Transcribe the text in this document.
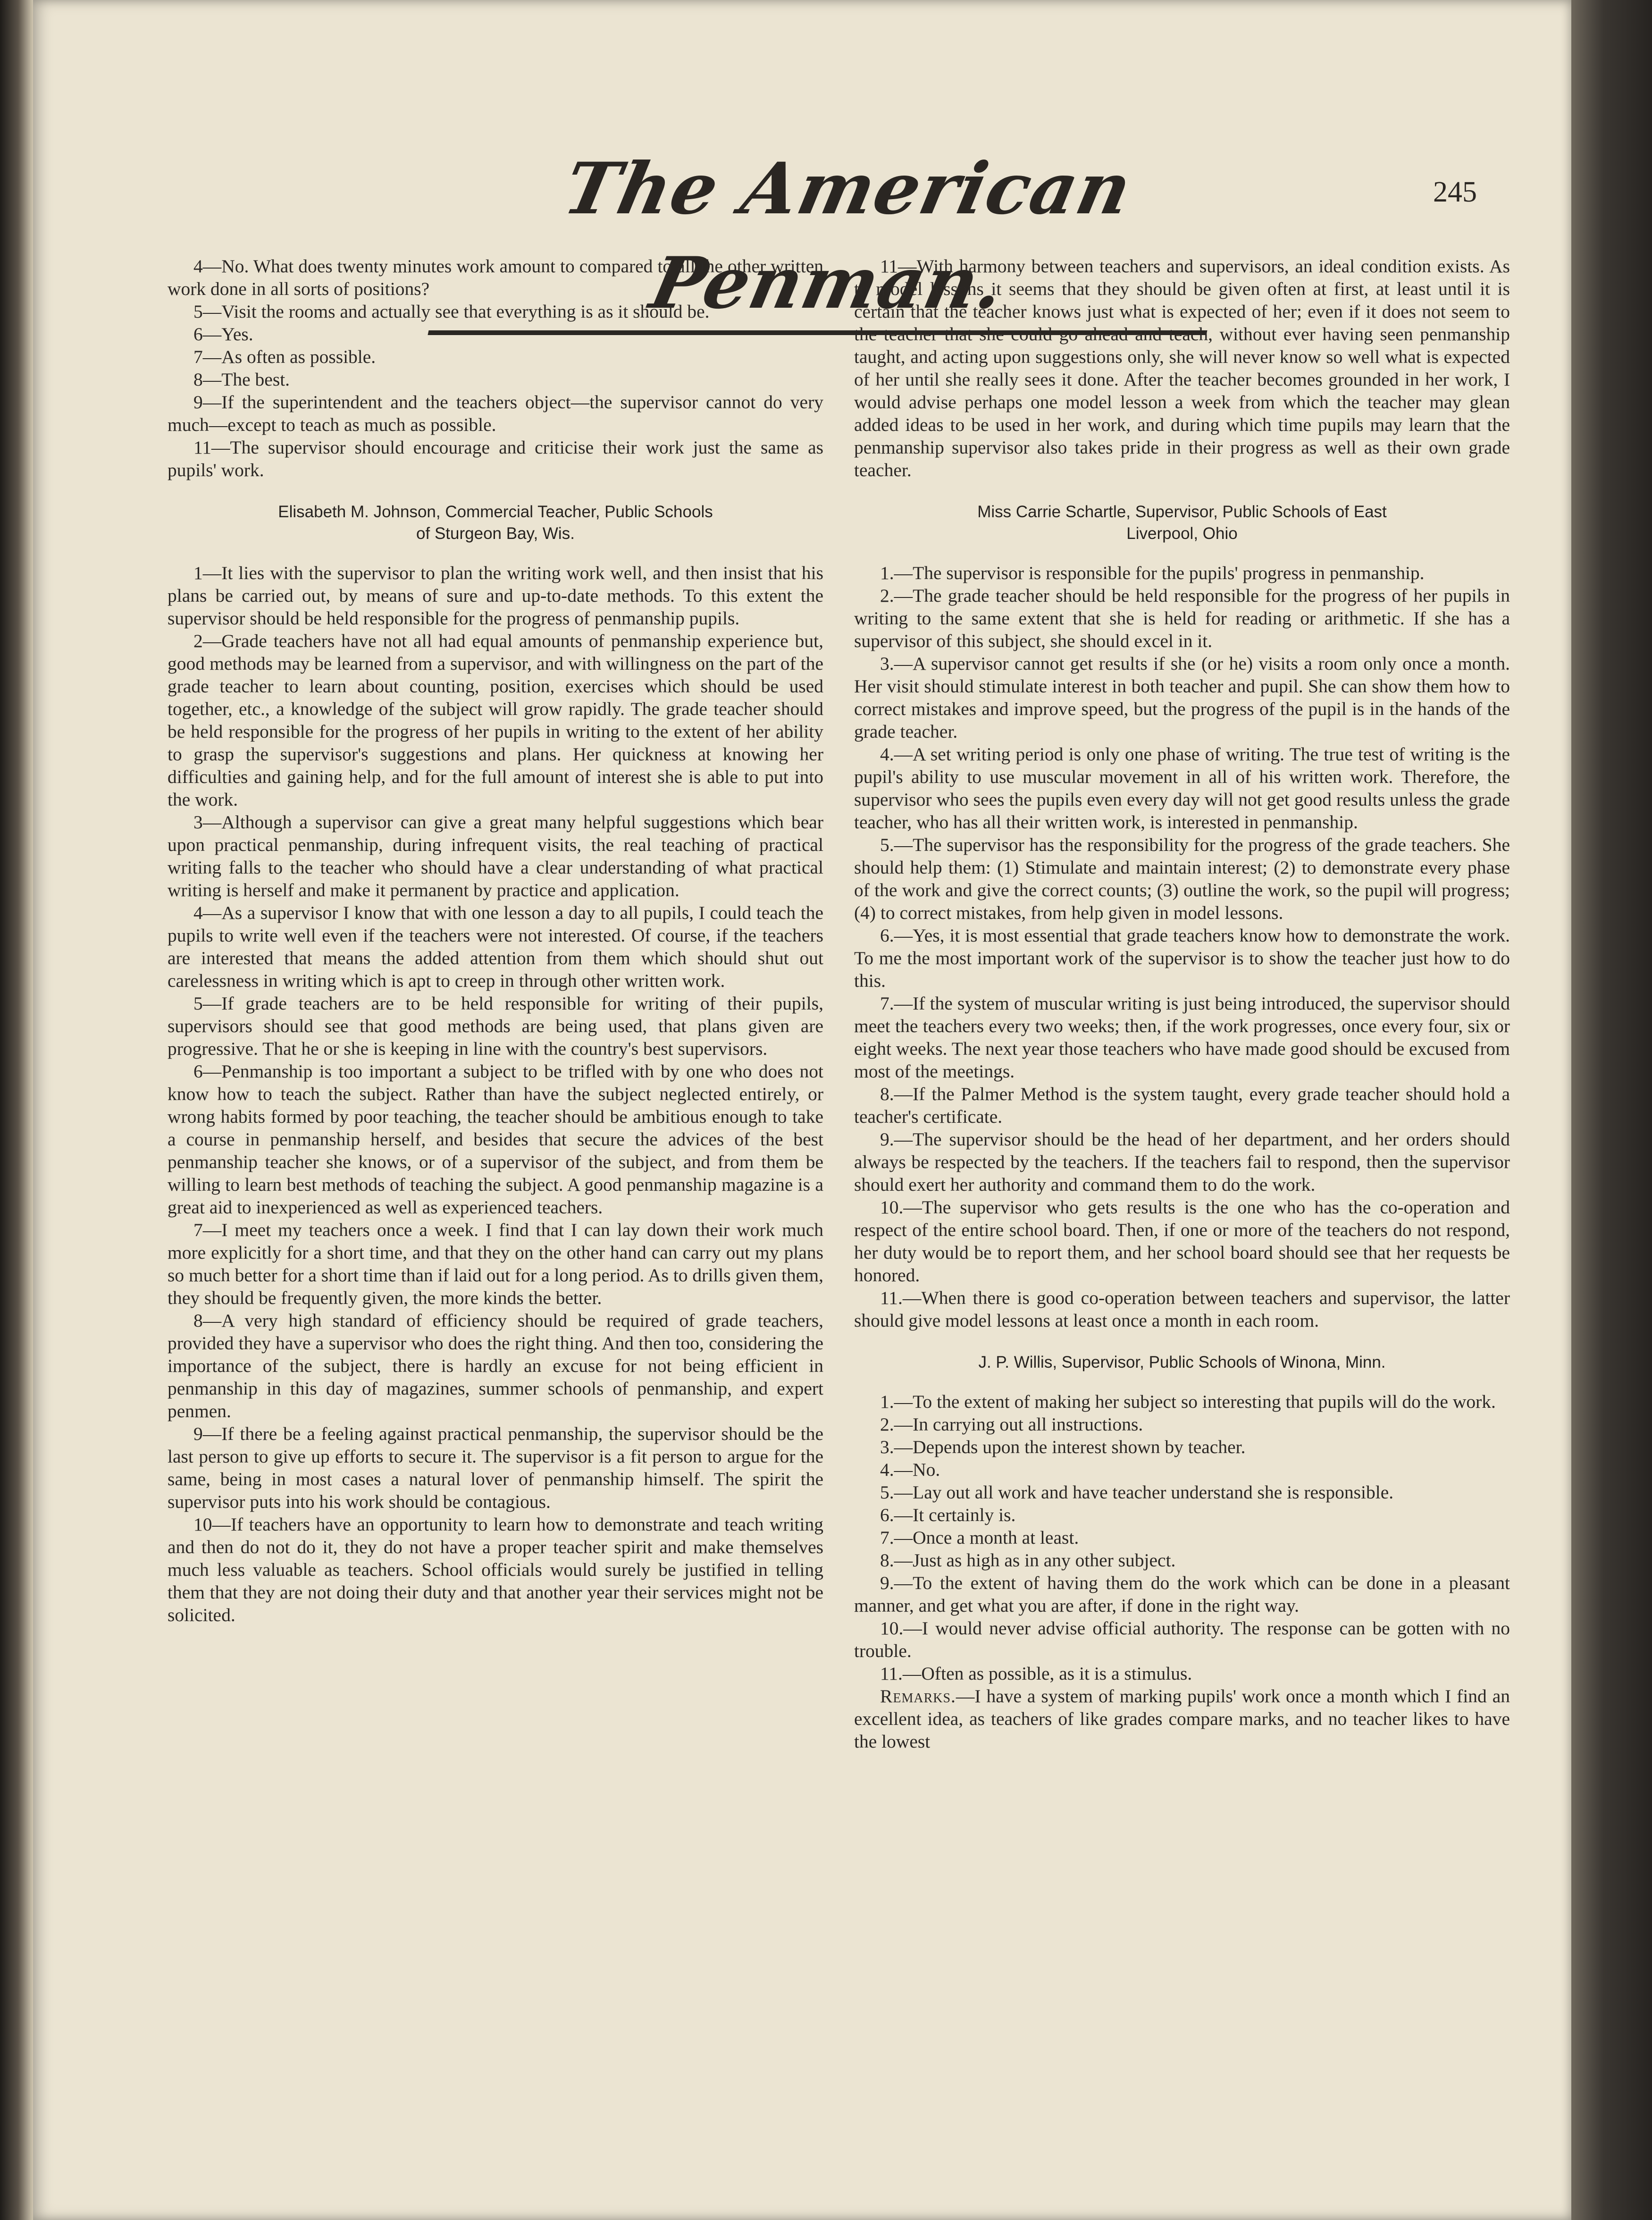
The American Penman.
245

4—No. What does twenty minutes work amount to compared to all the other written work done in all sorts of positions?

5—Visit the rooms and actually see that everything is as it should be.

6—Yes.

7—As often as possible.

8—The best.

9—If the superintendent and the teachers object—the supervisor cannot do very much—except to teach as much as possible.

11—The supervisor should encourage and criticise their work just the same as pupils' work.

Elisabeth M. Johnson, Commercial Teacher, Public Schools
of Sturgeon Bay, Wis.

1—It lies with the supervisor to plan the writing work well, and then insist that his plans be carried out, by means of sure and up-to-date methods. To this extent the supervisor should be held responsible for the progress of penmanship pupils.

2—Grade teachers have not all had equal amounts of penmanship experience but, good methods may be learned from a supervisor, and with willingness on the part of the grade teacher to learn about counting, position, exercises which should be used together, etc., a knowledge of the subject will grow rapidly. The grade teacher should be held responsible for the progress of her pupils in writing to the extent of her ability to grasp the supervisor's suggestions and plans. Her quickness at knowing her difficulties and gaining help, and for the full amount of interest she is able to put into the work.

3—Although a supervisor can give a great many helpful suggestions which bear upon practical penmanship, during infrequent visits, the real teaching of practical writing falls to the teacher who should have a clear understanding of what practical writing is herself and make it permanent by practice and application.

4—As a supervisor I know that with one lesson a day to all pupils, I could teach the pupils to write well even if the teachers were not interested. Of course, if the teachers are interested that means the added attention from them which should shut out carelessness in writing which is apt to creep in through other written work.

5—If grade teachers are to be held responsible for writing of their pupils, supervisors should see that good methods are being used, that plans given are progressive. That he or she is keeping in line with the country's best supervisors.

6—Penmanship is too important a subject to be trifled with by one who does not know how to teach the subject. Rather than have the subject neglected entirely, or wrong habits formed by poor teaching, the teacher should be ambitious enough to take a course in penmanship herself, and besides that secure the advices of the best penmanship teacher she knows, or of a supervisor of the subject, and from them be willing to learn best methods of teaching the subject. A good penmanship magazine is a great aid to inexperienced as well as experienced teachers.

7—I meet my teachers once a week. I find that I can lay down their work much more explicitly for a short time, and that they on the other hand can carry out my plans so much better for a short time than if laid out for a long period. As to drills given them, they should be frequently given, the more kinds the better.

8—A very high standard of efficiency should be required of grade teachers, provided they have a supervisor who does the right thing. And then too, considering the importance of the subject, there is hardly an excuse for not being efficient in penmanship in this day of magazines, summer schools of penmanship, and expert penmen.

9—If there be a feeling against practical penmanship, the supervisor should be the last person to give up efforts to secure it. The supervisor is a fit person to argue for the same, being in most cases a natural lover of penmanship himself. The spirit the supervisor puts into his work should be contagious.

10—If teachers have an opportunity to learn how to demonstrate and teach writing and then do not do it, they do not have a proper teacher spirit and make themselves much less valuable as teachers. School officials would surely be justified in telling them that they are not doing their duty and that another year their services might not be solicited.

11—With harmony between teachers and supervisors, an ideal condition exists. As to model lessons it seems that they should be given often at first, at least until it is certain that the teacher knows just what is expected of her; even if it does not seem to the teacher that she could go ahead and teach, without ever having seen penmanship taught, and acting upon suggestions only, she will never know so well what is expected of her until she really sees it done. After the teacher becomes grounded in her work, I would advise perhaps one model lesson a week from which the teacher may glean added ideas to be used in her work, and during which time pupils may learn that the penmanship supervisor also takes pride in their progress as well as their own grade teacher.

Miss Carrie Schartle, Supervisor, Public Schools of East
Liverpool, Ohio

1.—The supervisor is responsible for the pupils' progress in penmanship.

2.—The grade teacher should be held responsible for the progress of her pupils in writing to the same extent that she is held for reading or arithmetic. If she has a supervisor of this subject, she should excel in it.

3.—A supervisor cannot get results if she (or he) visits a room only once a month. Her visit should stimulate interest in both teacher and pupil. She can show them how to correct mistakes and improve speed, but the progress of the pupil is in the hands of the grade teacher.

4.—A set writing period is only one phase of writing. The true test of writing is the pupil's ability to use muscular movement in all of his written work. Therefore, the supervisor who sees the pupils even every day will not get good results unless the grade teacher, who has all their written work, is interested in penmanship.

5.—The supervisor has the responsibility for the progress of the grade teachers. She should help them: (1) Stimulate and maintain interest; (2) to demonstrate every phase of the work and give the correct counts; (3) outline the work, so the pupil will progress; (4) to correct mistakes, from help given in model lessons.

6.—Yes, it is most essential that grade teachers know how to demonstrate the work. To me the most important work of the supervisor is to show the teacher just how to do this.

7.—If the system of muscular writing is just being introduced, the supervisor should meet the teachers every two weeks; then, if the work progresses, once every four, six or eight weeks. The next year those teachers who have made good should be excused from most of the meetings.

8.—If the Palmer Method is the system taught, every grade teacher should hold a teacher's certificate.

9.—The supervisor should be the head of her department, and her orders should always be respected by the teachers. If the teachers fail to respond, then the supervisor should exert her authority and command them to do the work.

10.—The supervisor who gets results is the one who has the co-operation and respect of the entire school board. Then, if one or more of the teachers do not respond, her duty would be to report them, and her school board should see that her requests be honored.

11.—When there is good co-operation between teachers and supervisor, the latter should give model lessons at least once a month in each room.

J. P. Willis, Supervisor, Public Schools of Winona, Minn.

1.—To the extent of making her subject so interesting that pupils will do the work.

2.—In carrying out all instructions.

3.—Depends upon the interest shown by teacher.

4.—No.

5.—Lay out all work and have teacher understand she is responsible.

6.—It certainly is.

7.—Once a month at least.

8.—Just as high as in any other subject.

9.—To the extent of having them do the work which can be done in a pleasant manner, and get what you are after, if done in the right way.

10.—I would never advise official authority. The response can be gotten with no trouble.

11.—Often as possible, as it is a stimulus.

Remarks.—I have a system of marking pupils' work once a month which I find an excellent idea, as teachers of like grades compare marks, and no teacher likes to have the lowest
